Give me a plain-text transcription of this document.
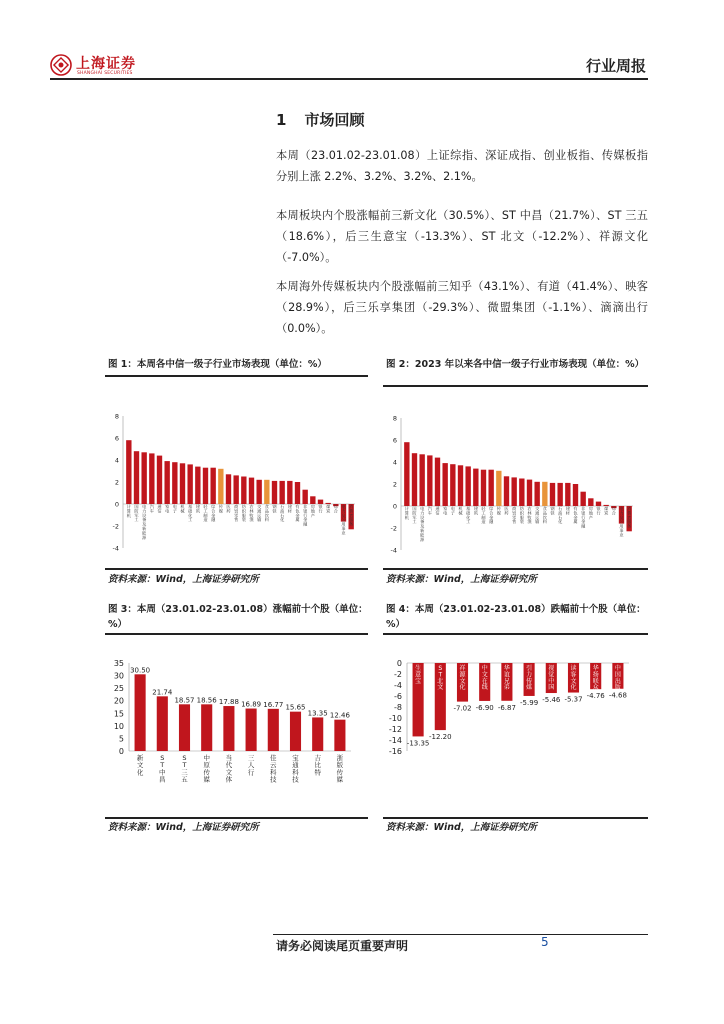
上海证券
SHANGHAI SECURITIES	行业周报
1 市场回顾
本周（23.01.02-23.01.08）上证综指、深证成指、创业板指、传媒板指分别上涨 2.2%、3.2%、3.2%、2.1%。
本周板块内个股涨幅前三新文化（30.5%）、ST 中昌（21.7%）、ST 三五（18.6%），后三生意宝（-13.3%）、ST 北文（-12.2%）、祥源文化（-7.0%）。
本周海外传媒板块内个股涨幅前三知乎（43.1%）、有道（41.4%）、映客（28.9%），后三乐享集团（-29.3%）、微盟集团（-1.1%）、滴滴出行（0.0%）。
图 1：本周各中信一级子行业市场表现（单位：%）
-4
-2
0
2
4
6
8
计算机
国防军工
电力设备及新能源
汽车
通信
家电
电子
机械
基础化工
建筑
轻工制造
综合金融
传媒
医药
商贸零售
纺织服装
农林牧渔
交通运输
食品饮料
钢铁
石油石化
建材
有色金属
非银行金融
房地产
银行
煤炭
综合
电力及公用事业
消费者服务
资料来源：Wind，上海证券研究所
图 2：2023 年以来各中信一级子行业市场表现（单位：%）
-4
-2
0
2
4
6
8
计算机
国防军工
电力设备及新能源
汽车
通信
家电
电子
机械
基础化工
建筑
轻工制造
综合金融
传媒
医药
商贸零售
纺织服装
农林牧渔
交通运输
食品饮料
钢铁
石油石化
建材
有色金属
非银行金融
房地产
银行
煤炭
综合
电力及公用事业
消费者服务
资料来源：Wind，上海证券研究所
图 3：本周（23.01.02-23.01.08）涨幅前十个股（单位：%）
0
5
10
15
20
25
30
35
30.50
新文化
21.74
S T 中昌
18.57
S T 三五
18.56
中原传媒
17.88
当代文体
16.89
三人行
16.77
佳云科技
15.65
宝通科技
13.35
吉比特
12.46
浙版传媒
资料来源：Wind，上海证券研究所
图 4：本周（23.01.02-23.01.08）跌幅前十个股（单位：%）
-16
-14
-12
-10
-8
-6
-4
-2
0
-13.35
生意宝
-12.20
S T 北文
-7.02
祥源文化
-6.90
中文在线
-6.87
华谊兄弟
-5.99
引力传媒
-5.46
视觉中国
-5.37
读客文化
-4.76
华扬联众
-4.68
中国出版
资料来源：Wind，上海证券研究所
请务必阅读尾页重要声明	5
